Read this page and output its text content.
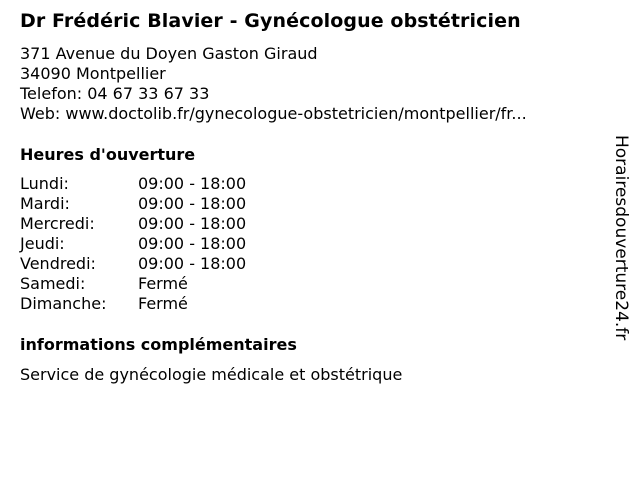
Dr Frédéric Blavier - Gynécologue obstétricien
371 Avenue du Doyen Gaston Giraud
34090 Montpellier
Telefon: 04 67 33 67 33
Web: www.doctolib.fr/gynecologue-obstetricien/montpellier/fr...
Heures d'ouverture
Lundi:	09:00 - 18:00
Mardi:	09:00 - 18:00
Mercredi:	09:00 - 18:00
Jeudi:	09:00 - 18:00
Vendredi:	09:00 - 18:00
Samedi:	Fermé
Dimanche: Fermé
informations complémentaires
Service de gynécologie médicale et obstétrique
Horairesdouverture24.fr
